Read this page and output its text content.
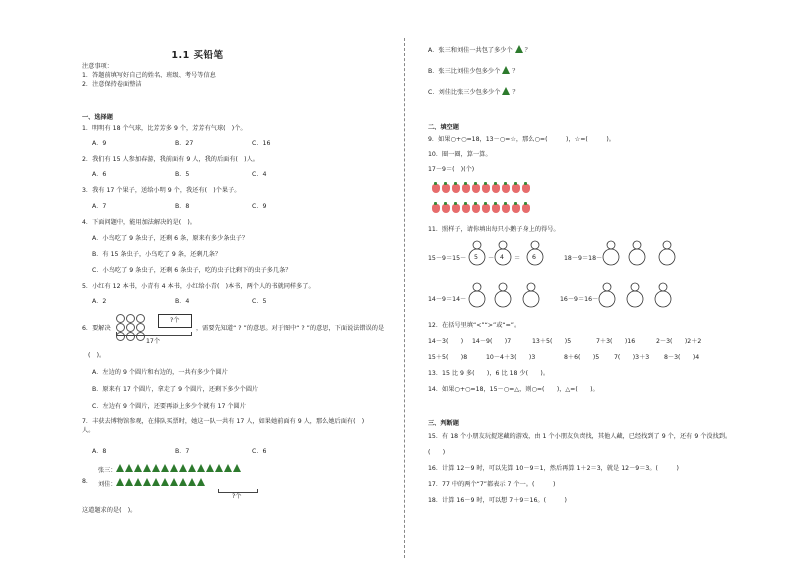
1.1 买铅笔
注意事项：
1．答题前填写好自己的姓名、班级、考号等信息
2．注意保持卷面整洁
一、选择题
1．明明有 18 个气球，比芳芳多 9 个，芳芳有气球(　)个。
A．9	B．27	C．16
2．我们有 15 人参加春游，我前面有 9 人，我的后面有(　)人。
A．6	B．5	C．4
3．我有 17 个果子，送给小明 9 个，我还有(　)个果子。
A．7	B．8	C．9
4．下面问题中，能用加法解决的是(　)。
A．小鸟吃了 9 条虫子，还剩 6 条，原来有多少条虫子？
B．有 15 条虫子，小鸟吃了 9 条，还剩几条？
C．小鸟吃了 9 条虫子，还剩 6 条虫子，吃的虫子比剩下的虫子多几条？
5．小红有 12 本书，小青有 4 本书，小红给小青(　)本书，两个人的书就同样多了。
A．2	B．4	C．5
6．要解决
?个
17个
，需要先知道“ ? ”的意思。对于图中“ ? ”的意思，下面说法错误的是
(　)。
A．左边的 9 个圆片和右边的，一共有多少个圆片
B．原来有 17 个圆片，拿走了 9 个圆片，还剩下多少个圆片
C．左边有 9 个圆片，还要再添上多少个就有 17 个圆片
7．丰获去博物馆参观，在排队买票时，她这一队一共有 17 人，如果她前面有 9 人，那么她后面有(　)
人。
A．8	B．7	C．6
8．
张三：
刘佳：
?个
这道题求的是(　)。
A．张三和刘佳一共包了多少个 ？
B．张三比刘佳少包多少个 ？
C．刘佳比张三少包多少个 ？
二、填空题
9．如果○+○=18，13－○=☆，那么○=(　　　)，☆=(　　　)。
10．圈一圈，算一算。
17－9＝(　)(个)
11．照样子，请你填出每只小鹅子身上的得号。
15－9＝15－ 5 － 4 ＝ 6	18－9＝18－
14－9＝14－	16－9＝16－
12．在括号里填“<”“>”或“=”。
14－3(　　) 14－9(　　)7	13＋5(　　)5	7＋3(　　)16	2－3(　　)2＋2
15＋5(　　)8	10－4＋3(　　)3	8＋6(　　)5 7(　　)3＋3 8－3(　　)4
13．15 比 9 多(　　)，6 比 18 少(　　)。
14．如果○+○=18，15－○=△，则○=(　　)，△=(　　)。
三、判断题
15．有 18 个小朋友玩捉迷藏的游戏，由 1 个小朋友负责找，其他人藏，已经找到了 9 个，还有 9 个没找到。
(　　)
16．计算 12－9 时，可以先算 10－9＝1，然后再算 1＋2＝3，就是 12－9＝3。(　　　)
17．77 中的两个“7”都表示 7 个一。(　　　)
18．计算 16－9 时，可以想 7＋9＝16。(　　　)
